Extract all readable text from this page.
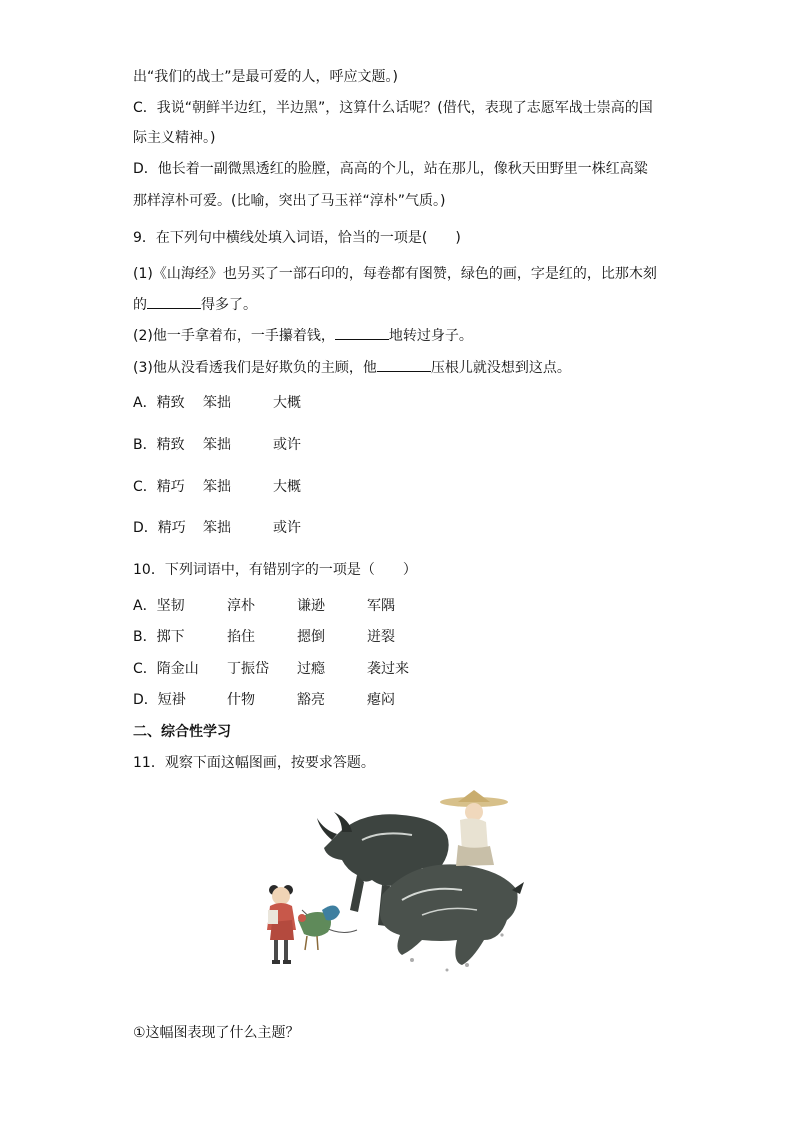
出“我们的战士”是最可爱的人，呼应文题。)
C．我说“朝鲜半边红，半边黑”，这算什么话呢？(借代，表现了志愿军战士崇高的国
际主义精神。)
D．他长着一副微黑透红的脸膛，高高的个儿，站在那儿，像秋天田野里一株红高粱
那样淳朴可爱。(比喻，突出了马玉祥“淳朴”气质。)
9．在下列句中横线处填入词语，恰当的一项是(　　)
(1)《山海经》也另买了一部石印的，每卷都有图赞，绿色的画，字是红的，比那木刻
的	得多了。
(2)他一手拿着布，一手攥着钱，	地转过身子。
(3)他从没看透我们是好欺负的主顾，他	压根儿就没想到这点。
A．精致 笨拙	大概
B．精致 笨拙	或许
C．精巧 笨拙	大概
D．精巧 笨拙	或许
10．下列词语中，有错别字的一项是（　　）
A．坚韧	淳朴	谦逊	军隅
B．掷下	掐住	摁倒	迸裂
C．隋金山 丁振岱 过瘾	袭过来
D．短褂	什物	豁亮	瘪闷
二、综合性学习
11．观察下面这幅图画，按要求答题。
①这幅图表现了什么主题？
